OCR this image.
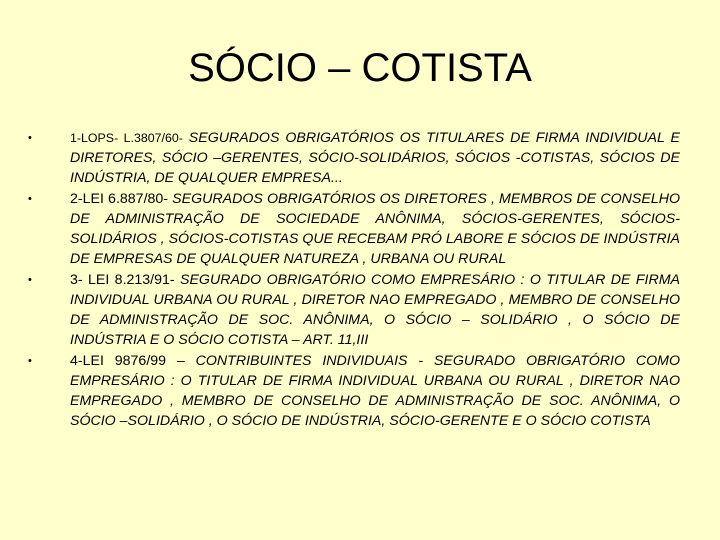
SÓCIO – COTISTA
•	1-LOPS- L.3807/60- SEGURADOS OBRIGATÓRIOS OS TITULARES DE FIRMA INDIVIDUAL E DIRETORES, SÓCIO –GERENTES, SÓCIO-SOLIDÁRIOS, SÓCIOS -COTISTAS, SÓCIOS DE INDÚSTRIA, DE QUALQUER EMPRESA...
•	2-LEI 6.887/80- SEGURADOS OBRIGATÓRIOS OS DIRETORES , MEMBROS DE CONSELHO DE ADMINISTRAÇÃO DE SOCIEDADE ANÔNIMA, SÓCIOS-GERENTES, SÓCIOS-SOLIDÁRIOS , SÓCIOS-COTISTAS QUE RECEBAM PRÓ LABORE E SÓCIOS DE INDÚSTRIA DE EMPRESAS DE QUALQUER NATUREZA , URBANA OU RURAL
•	3- LEI 8.213/91- SEGURADO OBRIGATÓRIO COMO EMPRESÁRIO : O TITULAR DE FIRMA INDIVIDUAL URBANA OU RURAL , DIRETOR NAO EMPREGADO , MEMBRO DE CONSELHO DE ADMINISTRAÇÃO DE SOC. ANÔNIMA, O SÓCIO – SOLIDÁRIO , O SÓCIO DE INDÚSTRIA E O SÓCIO COTISTA – ART. 11,III
•	4-LEI 9876/99 – CONTRIBUINTES INDIVIDUAIS - SEGURADO OBRIGATÓRIO COMO EMPRESÁRIO : O TITULAR DE FIRMA INDIVIDUAL URBANA OU RURAL , DIRETOR NAO EMPREGADO , MEMBRO DE CONSELHO DE ADMINISTRAÇÃO DE SOC. ANÔNIMA, O SÓCIO –SOLIDÁRIO , O SÓCIO DE INDÚSTRIA, SÓCIO-GERENTE E O SÓCIO COTISTA
